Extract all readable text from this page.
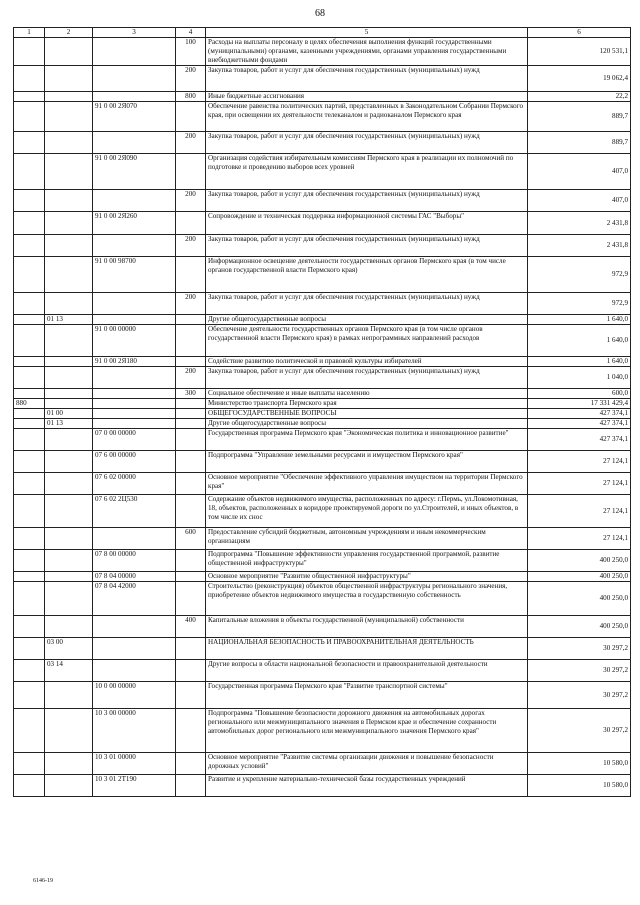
68
1	2	3	4	5	6
			100	Расходы на выплаты персоналу в целях обеспечения выполнения функций государственными (муниципальными) органами, казенными учреждениями, органами управления государственными внебюджетными фондами	120 531,1
			200	Закупка товаров, работ и услуг для обеспечения государственных (муниципальных) нужд	19 062,4
			800	Иные бюджетные ассигнования	22,2
		91 0 00 2Я070		Обеспечение равенства политических партий, представленных в Законодательном Собрании Пермского края, при освещении их деятельности телеканалом и радиоканалом Пермского края	889,7
			200	Закупка товаров, работ и услуг для обеспечения государственных (муниципальных) нужд	889,7
		91 0 00 2Я090		Организация содействия избирательным комиссиям Пермского края в реализации их полномочий по подготовке и проведению выборов всех уровней	407,0
			200	Закупка товаров, работ и услуг для обеспечения государственных (муниципальных) нужд	407,0
		91 0 00 2Я260		Сопровождение и техническая поддержка информационной системы ГАС "Выборы"	2 431,8
			200	Закупка товаров, работ и услуг для обеспечения государственных (муниципальных) нужд	2 431,8
		91 0 00 98700		Информационное освещение деятельности государственных органов Пермского края (в том числе органов государственной власти Пермского края)	972,9
			200	Закупка товаров, работ и услуг для обеспечения государственных (муниципальных) нужд	972,9
	01 13			Другие общегосударственные вопросы	1 640,0
		91 0 00 00000		Обеспечение деятельности государственных органов Пермского края (в том числе органов государственной власти Пермского края) в рамках непрограммных направлений расходов	1 640,0
		91 0 00 2Я180		Содействие развитию политической и правовой культуры избирателей	1 640,0
			200	Закупка товаров, работ и услуг для обеспечения государственных (муниципальных) нужд	1 040,0
			300	Социальное обеспечение и иные выплаты населению	600,0
880				Министерство транспорта Пермского края	17 331 429,4
	01 00			ОБЩЕГОСУДАРСТВЕННЫЕ ВОПРОСЫ	427 374,1
	01 13			Другие общегосударственные вопросы	427 374,1
		07 0 00 00000		Государственная программа Пермского края "Экономическая политика и инновационное развитие"	427 374,1
		07 6 00 00000		Подпрограмма "Управление земельными ресурсами и имуществом Пермского края"	27 124,1
		07 6 02 00000		Основное мероприятие "Обеспечение эффективного управления имуществом на территории Пермского края"	27 124,1
		07 6 02 2Ц530		Содержание объектов недвижимого имущества, расположенных по адресу: г.Пермь, ул.Локомотивная, 18, объектов, расположенных в коридоре проектируемой дороги по ул.Строителей, и иных объектов, в том числе их снос	27 124,1
			600	Предоставление субсидий бюджетным, автономным учреждениям и иным некоммерческим организациям	27 124,1
		07 8 00 00000		Подпрограмма "Повышение эффективности управления государственной программой, развитие общественной инфраструктуры"	400 250,0
		07 8 04 00000		Основное мероприятие "Развитие общественной инфраструктуры"	400 250,0
		07 8 04 42000		Строительство (реконструкция) объектов общественной инфраструктуры регионального значения, приобретение объектов недвижимого имущества в государственную собственность	400 250,0
			400	Капитальные вложения в объекты государственной (муниципальной) собственности	400 250,0
	03 00			НАЦИОНАЛЬНАЯ БЕЗОПАСНОСТЬ И ПРАВООХРАНИТЕЛЬНАЯ ДЕЯТЕЛЬНОСТЬ	30 297,2
	03 14			Другие вопросы в области национальной безопасности и правоохранительной деятельности	30 297,2
		10 0 00 00000		Государственная программа Пермского края "Развитие транспортной системы"	30 297,2
		10 3 00 00000		Подпрограмма "Повышение безопасности дорожного движения на автомобильных дорогах регионального или межмуниципального значения в Пермском крае и обеспечение сохранности автомобильных дорог регионального или межмуниципального значения Пермского края"	30 297,2
		10 3 01 00000		Основное мероприятие "Развитие системы организации движения и повышение безопасности дорожных условий"	10 580,0
		10 3 01 2Т190		Развитие и укрепление материально-технической базы государственных учреждений	10 580,0
6146-19
